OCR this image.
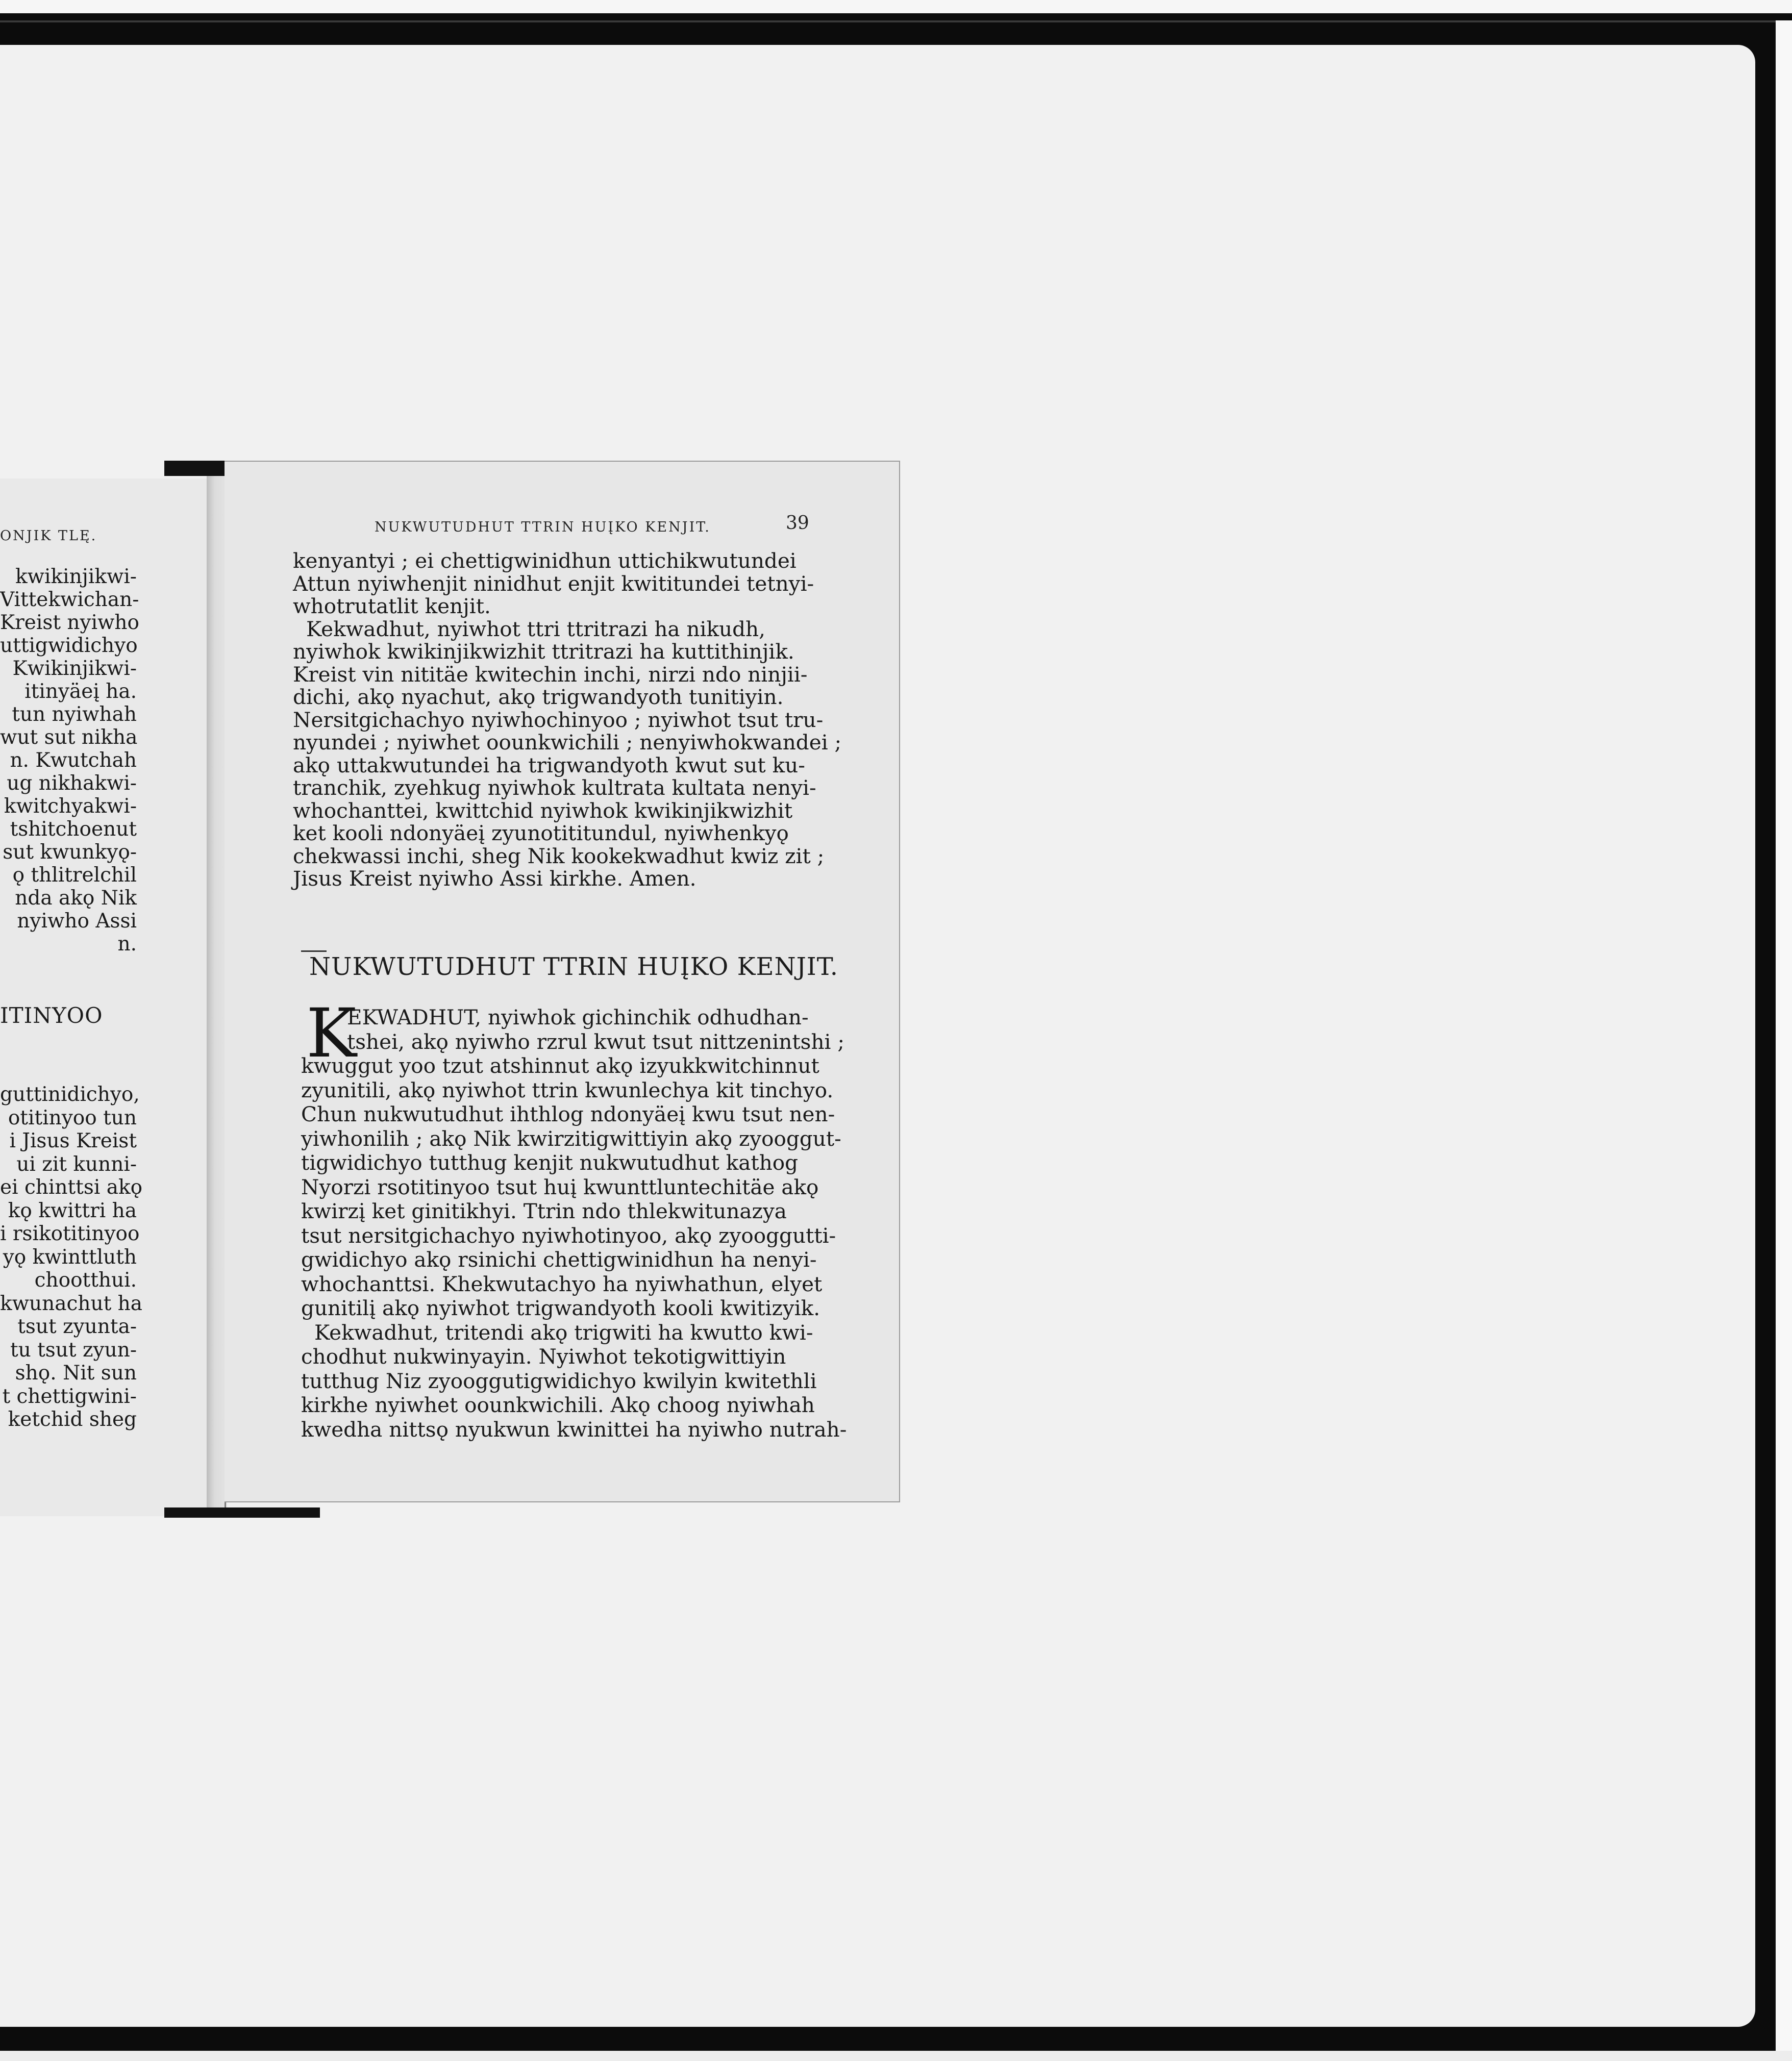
ONJIK TLĘ.
kwikinjikwi-
Vittekwichan-
Kreist nyiwho
uttigwidichyo
Kwikinjikwi-
itinyäeį ha.
tun nyiwhah
wut sut nikha
n. Kwutchah
ug nikhakwi-
kwitchyakwi-
tshitchoenut
sut kwunkyǫ-
ǫ thlitrelchil
nda akǫ Nik
nyiwho Assi
n.
ITINYOO
guttinidichyo,
otitinyoo tun
i Jisus Kreist
ui zit kunni-
ei chinttsi akǫ
kǫ kwittri ha
i rsikotitinyoo
yǫ kwinttluth
chootthui.
kwunachut ha
tsut zyunta-
tu tsut zyun-
shǫ. Nit sun
t chettigwini-
ketchid sheg
NUKWUTUDHUT TTRIN HUĮKO KENJIT.	39
kenyantyi ; ei chettigwinidhun uttichikwutundei
Attun nyiwhenjit ninidhut enjit kwititundei tetnyi-
whotrutatlit kenjit.
Kekwadhut, nyiwhot ttri ttritrazi ha nikudh,
nyiwhok kwikinjikwizhit ttritrazi ha kuttithinjik.
Kreist vin nititäe kwitechin inchi, nirzi ndo ninjii-
dichi, akǫ nyachut, akǫ trigwandyoth tunitiyin.
Nersitgichachyo nyiwhochinyoo ; nyiwhot tsut tru-
nyundei ; nyiwhet oounkwichili ; nenyiwhokwandei ;
akǫ uttakwutundei ha trigwandyoth kwut sut ku-
tranchik, zyehkug nyiwhok kultrata kultata nenyi-
whochanttei, kwittchid nyiwhok kwikinjikwizhit
ket kooli ndonyäeį zyunotititundul, nyiwhenkyǫ
chekwassi inchi, sheg Nik kookekwadhut kwiz zit ;
Jisus Kreist nyiwho Assi kirkhe. Amen.
NUKWUTUDHUT TTRIN HUĮKO KENJIT.
K
EKWADHUT, nyiwhok gichinchik odhudhan-
tshei, akǫ nyiwho rzrul kwut tsut nittzenintshi ;
kwuggut yoo tzut atshinnut akǫ izyukkwitchinnut
zyunitili, akǫ nyiwhot ttrin kwunlechya kit tinchyo.
Chun nukwutudhut ihthlog ndonyäeį kwu tsut nen-
yiwhonilih ; akǫ Nik kwirzitigwittiyin akǫ zyooggut-
tigwidichyo tutthug kenjit nukwutudhut kathog
Nyorzi rsotitinyoo tsut huį kwunttluntechitäe akǫ
kwirzį ket ginitikhyi. Ttrin ndo thlekwitunazya
tsut nersitgichachyo nyiwhotinyoo, akǫ zyooggutti-
gwidichyo akǫ rsinichi chettigwinidhun ha nenyi-
whochanttsi. Khekwutachyo ha nyiwhathun, elyet
gunitilį akǫ nyiwhot trigwandyoth kooli kwitizyik.
Kekwadhut, tritendi akǫ trigwiti ha kwutto kwi-
chodhut nukwinyayin. Nyiwhot tekotigwittiyin
tutthug Niz zyooggutigwidichyo kwilyin kwitethli
kirkhe nyiwhet oounkwichili. Akǫ choog nyiwhah
kwedha nittsǫ nyukwun kwinittei ha nyiwho nutrah-
